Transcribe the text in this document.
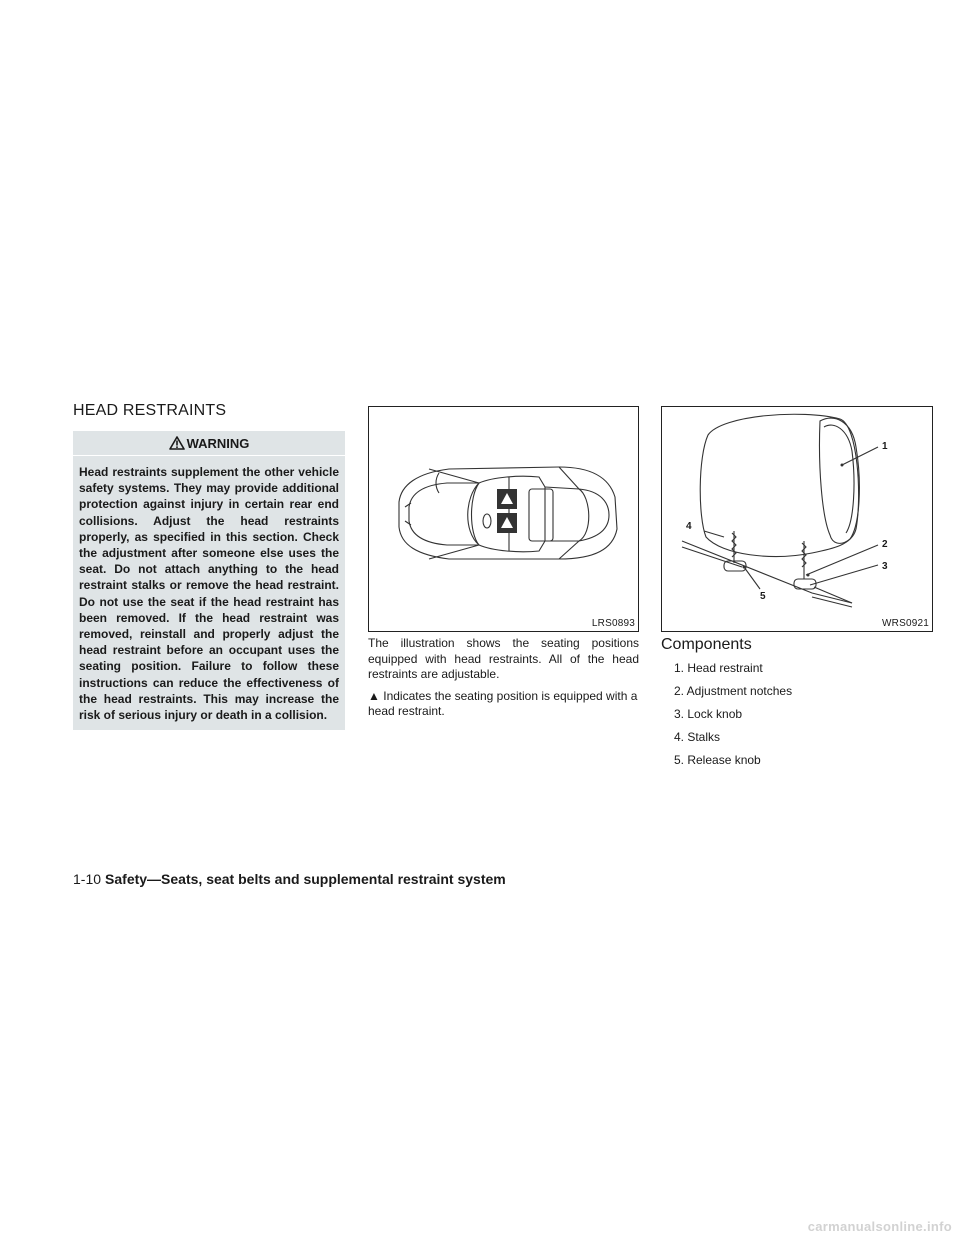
HEAD RESTRAINTS
WARNING
Head restraints supplement the other vehicle safety systems. They may provide additional protection against injury in certain rear end collisions. Adjust the head restraints properly, as specified in this section. Check the adjustment after someone else uses the seat. Do not attach anything to the head restraint stalks or remove the head restraint. Do not use the seat if the head restraint has been removed. If the head restraint was removed, reinstall and properly adjust the head restraint before an occupant uses the seating position. Failure to follow these instructions can reduce the effectiveness of the head restraints. This may increase the risk of serious injury or death in a collision.
LRS0893
1
2
3
4
5
WRS0921

The illustration shows the seating positions equipped with head restraints. All of the head restraints are adjustable.

▲ Indicates the seating position is equipped with a head restraint.

Components
1. Head restraint
2. Adjustment notches
3. Lock knob
4. Stalks
5. Release knob
1-10 Safety—Seats, seat belts and supplemental restraint system
carmanualsonline.info
